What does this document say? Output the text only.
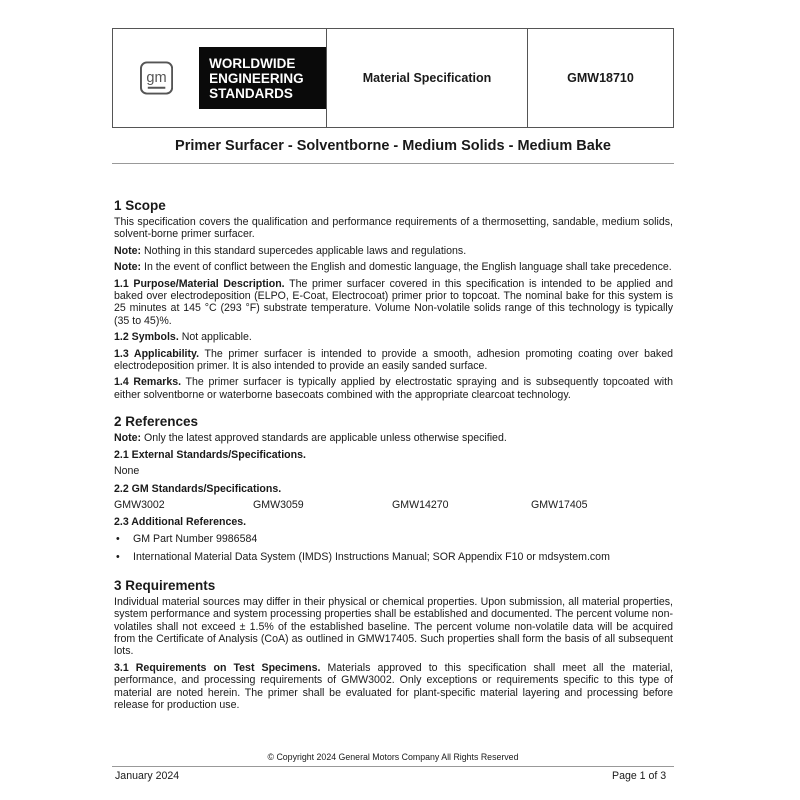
gm
WORLDWIDE
ENGINEERING
STANDARDS
Material Specification	GMW18710
Primer Surfacer - Solventborne - Medium Solids - Medium Bake
1 Scope

This specification covers the qualification and performance requirements of a thermosetting, sandable, medium solids, solvent-borne primer surfacer.

Note: Nothing in this standard supercedes applicable laws and regulations.

Note: In the event of conflict between the English and domestic language, the English language shall take precedence.

1.1 Purpose/Material Description. The primer surfacer covered in this specification is intended to be applied and baked over electrodeposition (ELPO, E-Coat, Electrocoat) primer prior to topcoat. The nominal bake for this system is 25 minutes at 145 °C (293 °F) substrate temperature. Volume Non-volatile solids range of this technology is typically (35 to 45)%.

1.2 Symbols. Not applicable.

1.3 Applicability. The primer surfacer is intended to provide a smooth, adhesion promoting coating over baked electrodeposition primer. It is also intended to provide an easily sanded surface.

1.4 Remarks. The primer surfacer is typically applied by electrostatic spraying and is subsequently topcoated with either solventborne or waterborne basecoats combined with the appropriate clearcoat technology.

2 References

Note: Only the latest approved standards are applicable unless otherwise specified.

2.1 External Standards/Specifications.

None

2.2 GM Standards/Specifications.

GMW3002	GMW3059	GMW14270	GMW17405

2.3 Additional References.

• GM Part Number 9986584
• International Material Data System (IMDS) Instructions Manual; SOR Appendix F10 or mdsystem.com
3 Requirements

Individual material sources may differ in their physical or chemical properties. Upon submission, all material properties, system performance and system processing properties shall be established and documented. The percent volume non-volatiles shall not exceed ± 1.5% of the established baseline. The percent volume non-volatile data will be acquired from the Certificate of Analysis (CoA) as outlined in GMW17405. Such properties shall form the basis of all subsequent lots.

3.1 Requirements on Test Specimens. Materials approved to this specification shall meet all the material, performance, and processing requirements of GMW3002. Only exceptions or requirements specific to this type of material are noted herein. The primer shall be evaluated for plant-specific material layering and processing before release for production use.

© Copyright 2024 General Motors Company All Rights Reserved
January 2024	Page 1 of 3
